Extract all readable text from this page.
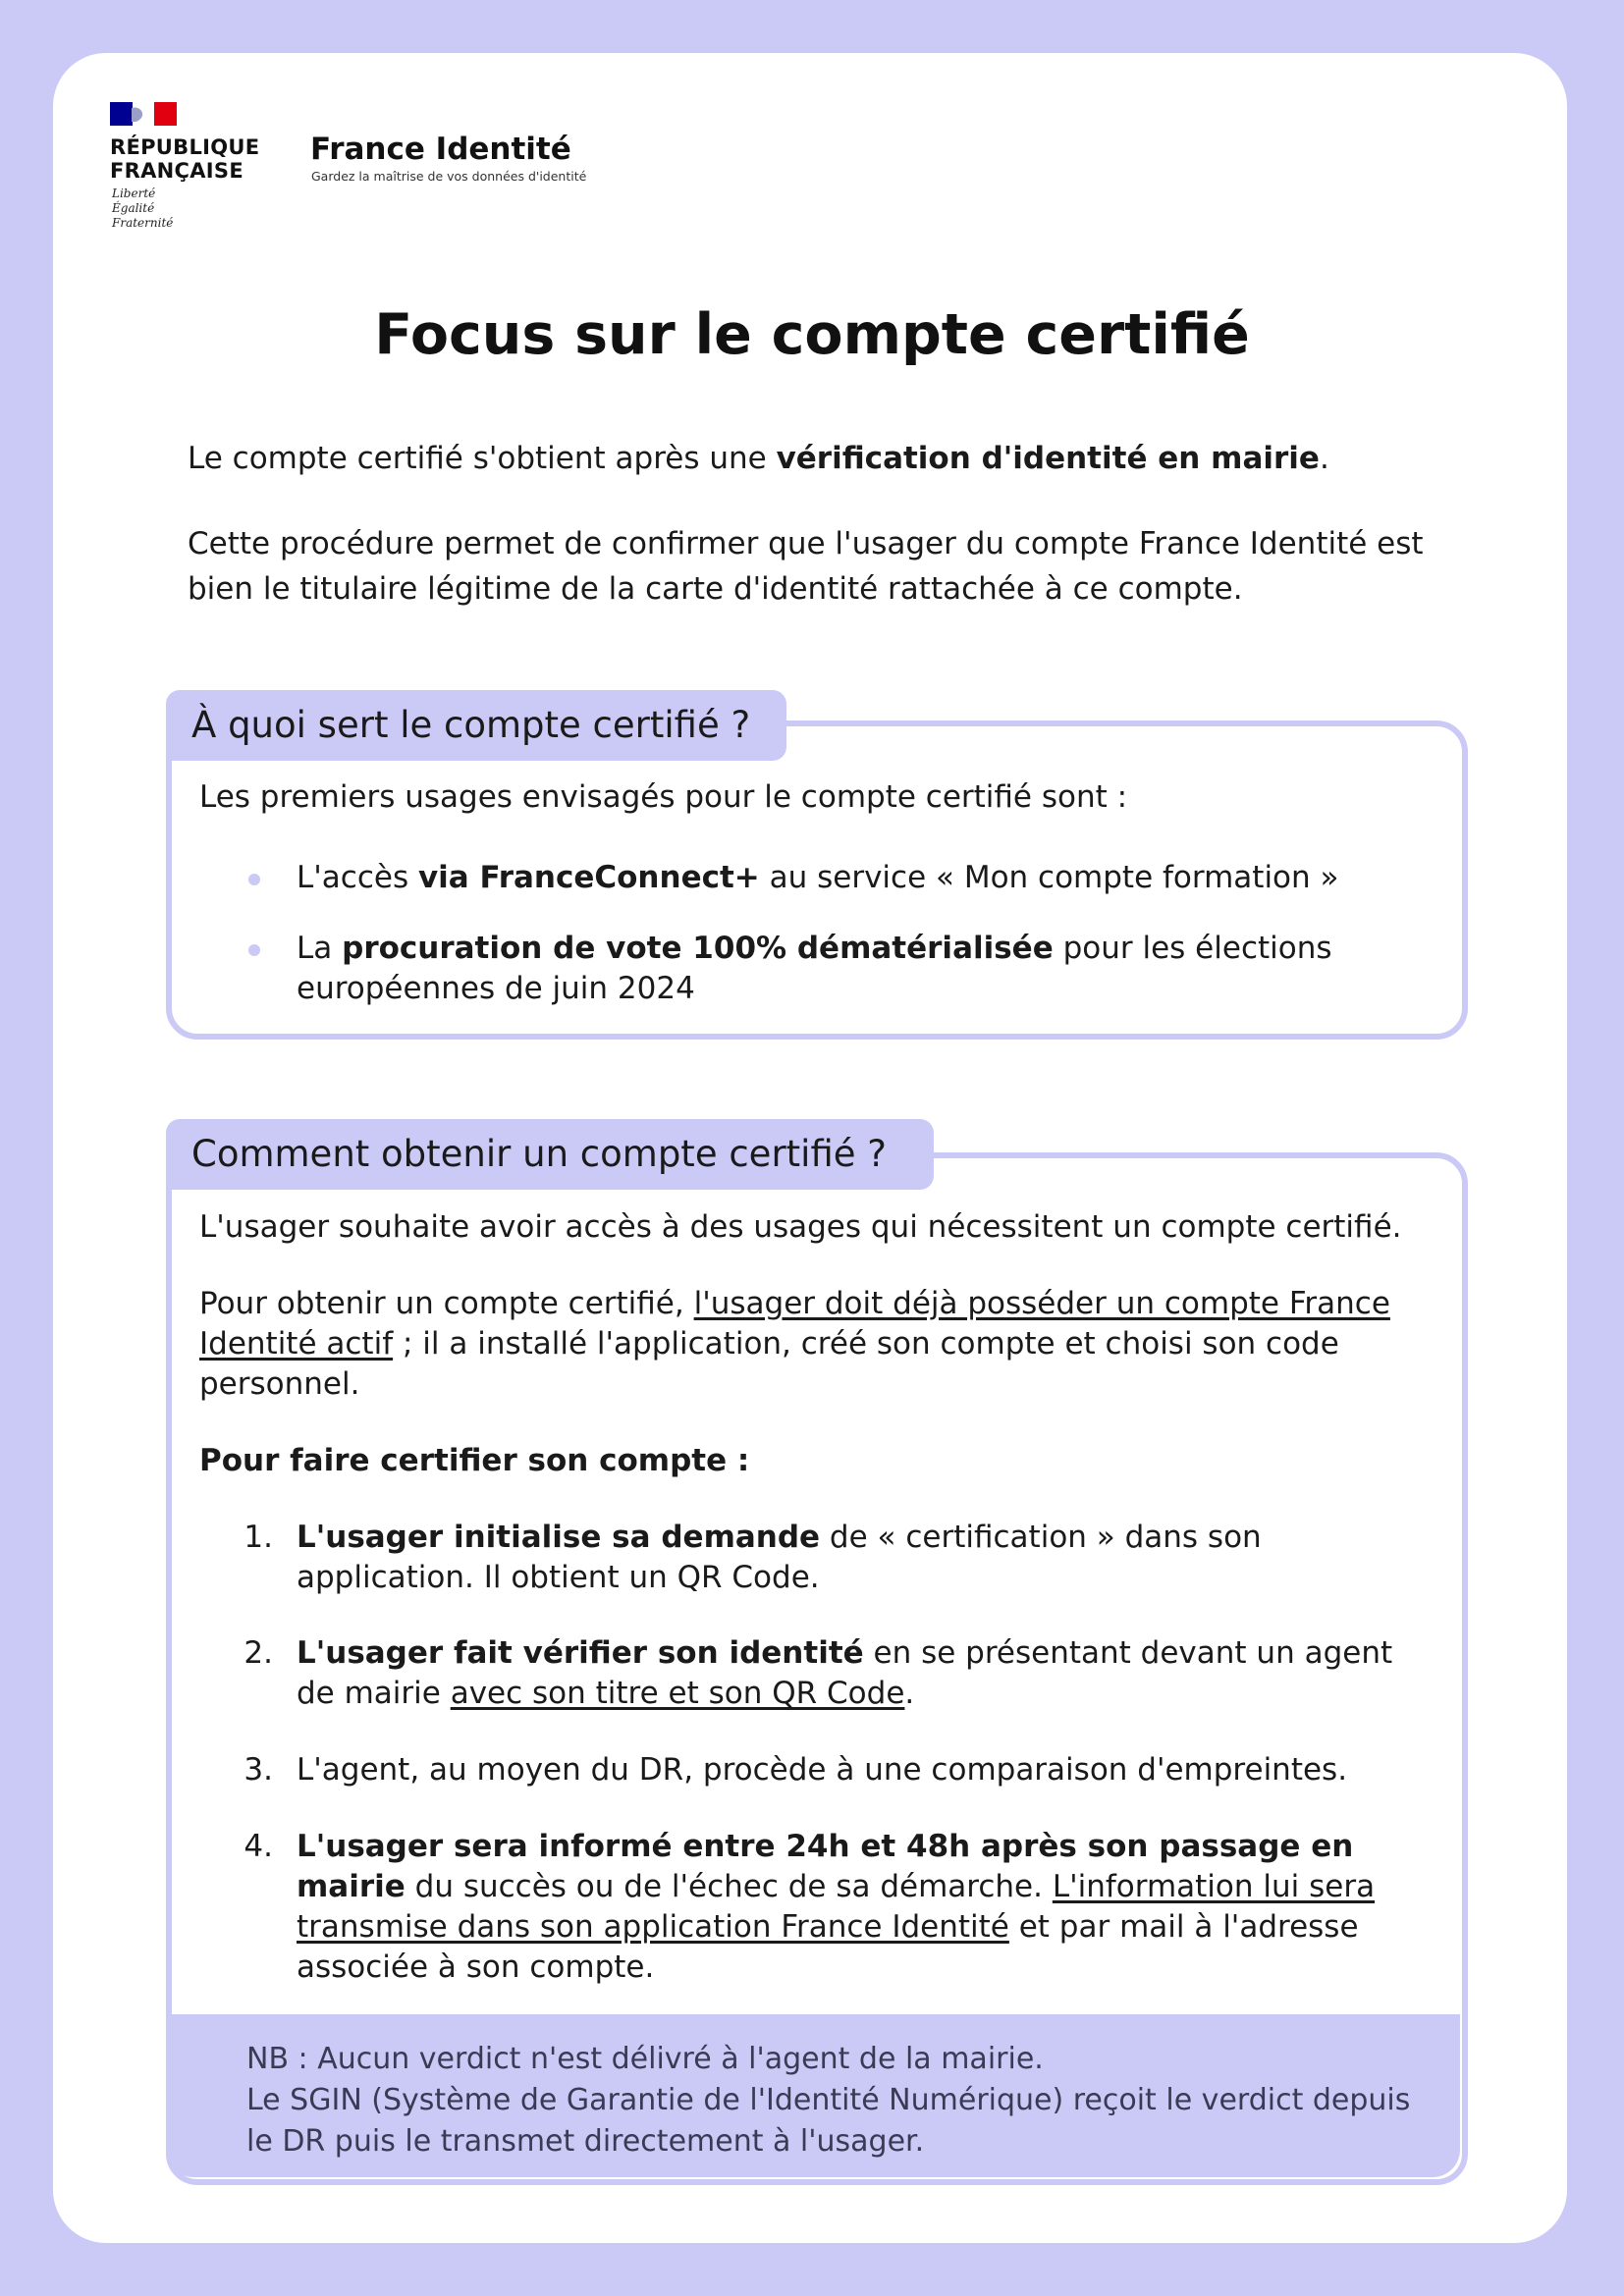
RÉPUBLIQUE
FRANÇAISE
Liberté
Égalité
Fraternité
France Identité
Gardez la maîtrise de vos données d'identité
Focus sur le compte certifié
Le compte certifié s'obtient après une vérification d'identité en mairie.
Cette procédure permet de confirmer que l'usager du compte France Identité est bien le titulaire légitime de la carte d'identité rattachée à ce compte.
À quoi sert le compte certifié ?
Les premiers usages envisagés pour le compte certifié sont :
L'accès via FranceConnect+ au service « Mon compte formation »
La procuration de vote 100% dématérialisée pour les élections européennes de juin 2024
Comment obtenir un compte certifié ?
L'usager souhaite avoir accès à des usages qui nécessitent un compte certifié.
Pour obtenir un compte certifié, l'usager doit déjà posséder un compte France Identité actif ; il a installé l'application, créé son compte et choisi son code personnel.
Pour faire certifier son compte :
1. L'usager initialise sa demande de « certification » dans son application. Il obtient un QR Code.
2. L'usager fait vérifier son identité en se présentant devant un agent de mairie avec son titre et son QR Code.
3. L'agent, au moyen du DR, procède à une comparaison d'empreintes.
4. L'usager sera informé entre 24h et 48h après son passage en mairie du succès ou de l'échec de sa démarche. L'information lui sera transmise dans son application France Identité et par mail à l'adresse associée à son compte.
NB : Aucun verdict n'est délivré à l'agent de la mairie.
Le SGIN (Système de Garantie de l'Identité Numérique) reçoit le verdict depuis le DR puis le transmet directement à l'usager.
